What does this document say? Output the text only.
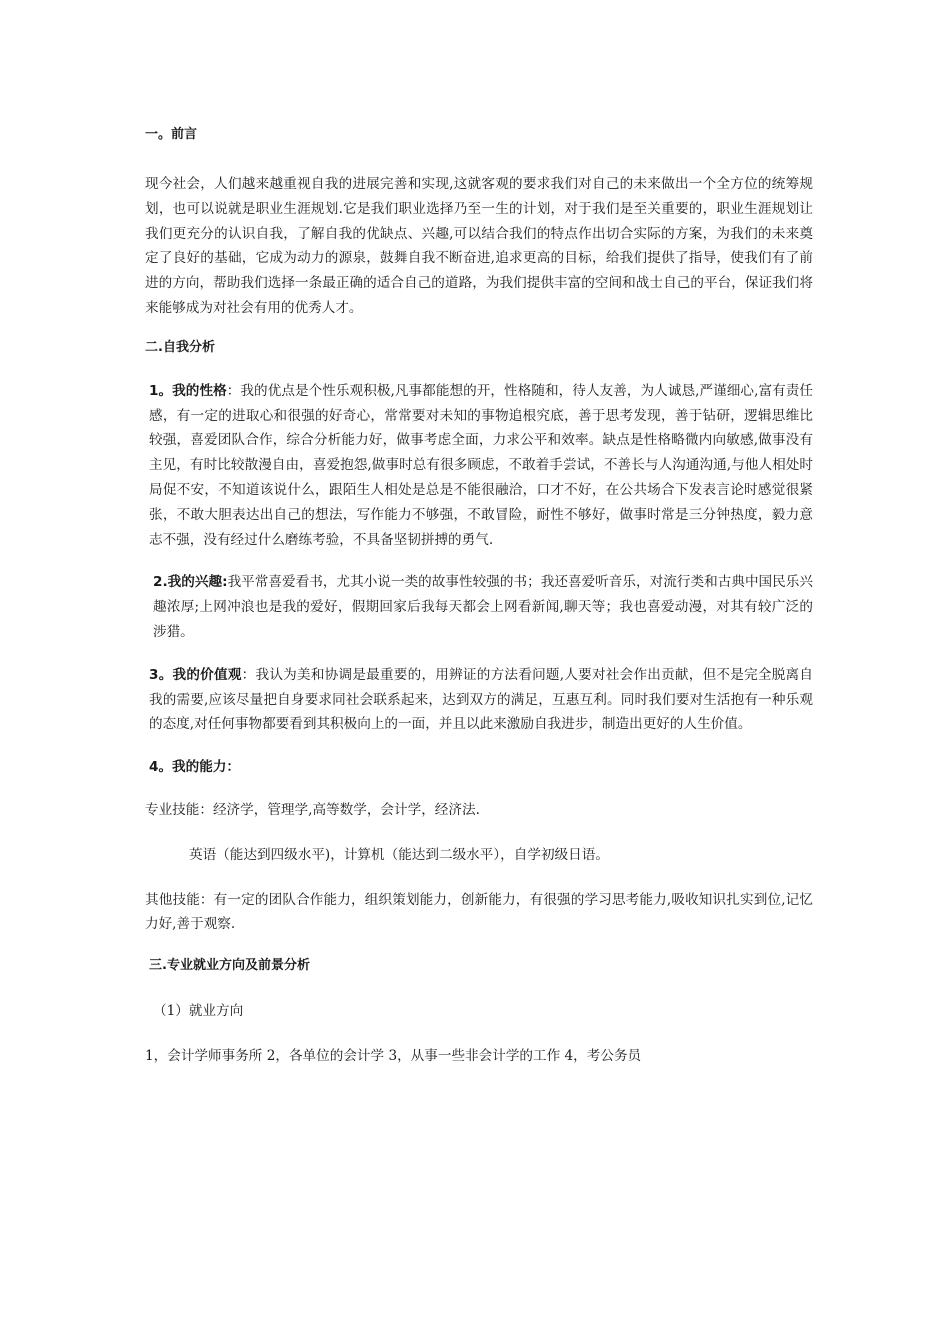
一。前言

现今社会，人们越来越重视自我的进展完善和实现,这就客观的要求我们对自己的未来做出一个全方位的统筹规划，也可以说就是职业生涯规划.它是我们职业选择乃至一生的计划，对于我们是至关重要的，职业生涯规划让我们更充分的认识自我，了解自我的优缺点、兴趣,可以结合我们的特点作出切合实际的方案，为我们的未来奠定了良好的基础，它成为动力的源泉，鼓舞自我不断奋进,追求更高的目标，给我们提供了指导，使我们有了前进的方向，帮助我们选择一条最正确的适合自己的道路，为我们提供丰富的空间和战士自己的平台，保证我们将来能够成为对社会有用的优秀人才。

二.自我分析

1。我的性格：我的优点是个性乐观积极,凡事都能想的开，性格随和，待人友善，为人诚恳,严谨细心,富有责任感，有一定的进取心和很强的好奇心，常常要对未知的事物追根究底，善于思考发现，善于钻研，逻辑思维比较强，喜爱团队合作，综合分析能力好，做事考虑全面，力求公平和效率。缺点是性格略微内向敏感,做事没有主见，有时比较散漫自由，喜爱抱怨,做事时总有很多顾虑，不敢着手尝试，不善长与人沟通沟通,与他人相处时局促不安，不知道该说什么，跟陌生人相处是总是不能很融洽，口才不好，在公共场合下发表言论时感觉很紧张，不敢大胆表达出自己的想法，写作能力不够强，不敢冒险，耐性不够好，做事时常是三分钟热度，毅力意志不强，没有经过什么磨练考验，不具备坚韧拼搏的勇气.

2.我的兴趣:我平常喜爱看书，尤其小说一类的故事性较强的书；我还喜爱听音乐，对流行类和古典中国民乐兴趣浓厚;上网冲浪也是我的爱好，假期回家后我每天都会上网看新闻,聊天等；我也喜爱动漫，对其有较广泛的涉猎。

3。我的价值观：我认为美和协调是最重要的，用辨证的方法看问题,人要对社会作出贡献，但不是完全脱离自我的需要,应该尽量把自身要求同社会联系起来，达到双方的满足，互惠互利。同时我们要对生活抱有一种乐观的态度,对任何事物都要看到其积极向上的一面，并且以此来激励自我进步，制造出更好的人生价值。

4。我的能力：

专业技能：经济学，管理学,高等数学，会计学，经济法.

英语（能达到四级水平)，计算机（能达到二级水平），自学初级日语。

其他技能：有一定的团队合作能力，组织策划能力，创新能力，有很强的学习思考能力,吸收知识扎实到位,记忆力好,善于观察.

三.专业就业方向及前景分析

（1）就业方向

1，会计学师事务所 2，各单位的会计学 3，从事一些非会计学的工作 4，考公务员
